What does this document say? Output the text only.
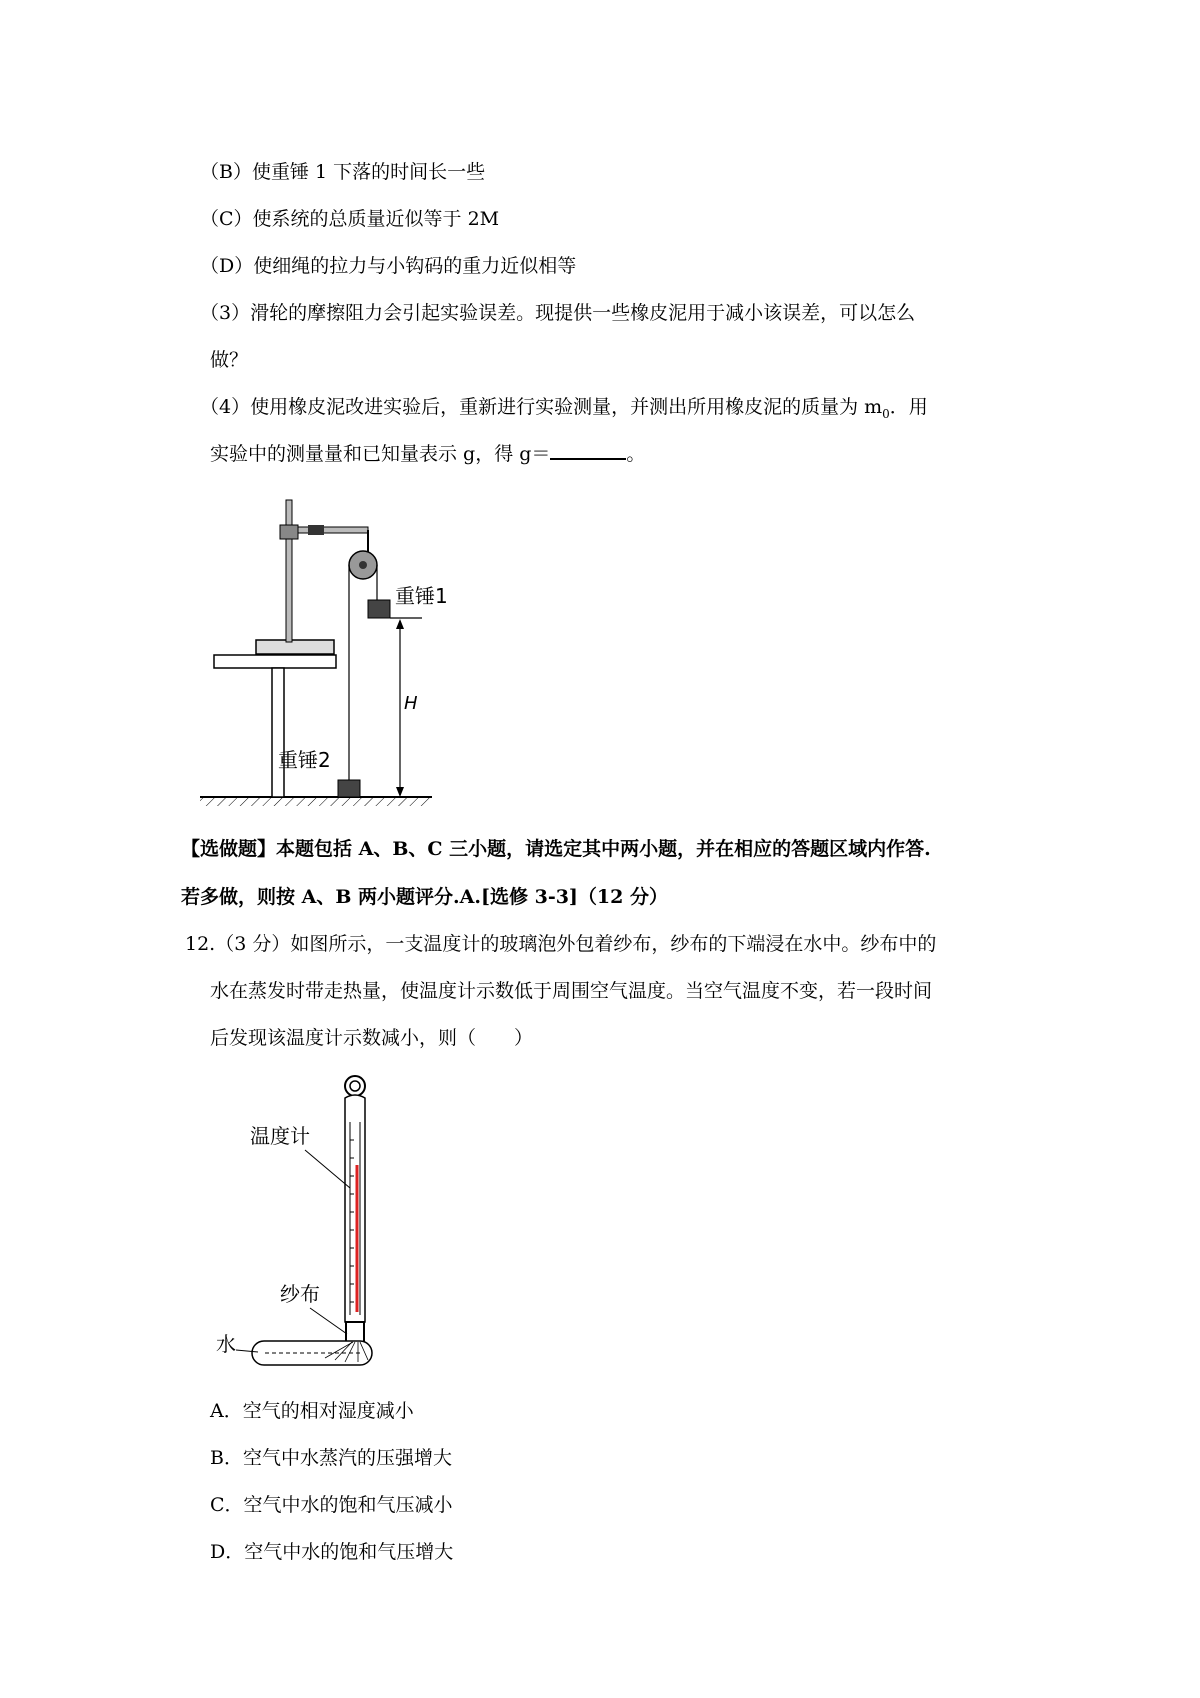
（B）使重锤 1 下落的时间长一些
（C）使系统的总质量近似等于 2M
（D）使细绳的拉力与小钩码的重力近似相等
（3）滑轮的摩擦阻力会引起实验误差。现提供一些橡皮泥用于减小该误差，可以怎么
做？
（4）使用橡皮泥改进实验后，重新进行实验测量，并测出所用橡皮泥的质量为 $m_0$．用
实验中的测量量和已知量表示 g，得 g＝	。
重锤1
重锤2
H
【选做题】本题包括 A、B、C 三小题，请选定其中两小题，并在相应的答题区域内作答.
若多做，则按 A、B 两小题评分.A.[选修 3-3]（12 分）
12.（3 分）如图所示，一支温度计的玻璃泡外包着纱布，纱布的下端浸在水中。纱布中的
水在蒸发时带走热量，使温度计示数低于周围空气温度。当空气温度不变，若一段时间
后发现该温度计示数减小，则（　　）
温度计
纱布
水
A．空气的相对湿度减小
B．空气中水蒸汽的压强增大
C．空气中水的饱和气压减小
D．空气中水的饱和气压增大
